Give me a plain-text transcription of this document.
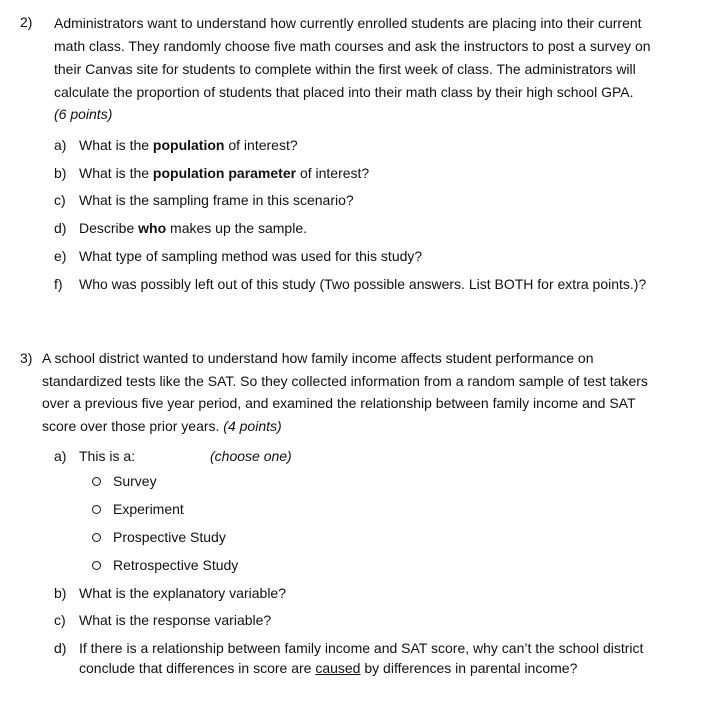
2) Administrators want to understand how currently enrolled students are placing into their current
math class. They randomly choose five math courses and ask the instructors to post a survey on
their Canvas site for students to complete within the first week of class. The administrators will
calculate the proportion of students that placed into their math class by their high school GPA.
(6 points)
a) What is the population of interest?
b) What is the population parameter of interest?
c) What is the sampling frame in this scenario?
d) Describe who makes up the sample.
e) What type of sampling method was used for this study?
f) Who was possibly left out of this study (Two possible answers. List BOTH for extra points.)?
3) A school district wanted to understand how family income affects student performance on
standardized tests like the SAT. So they collected information from a random sample of test takers
over a previous five year period, and examined the relationship between family income and SAT
score over those prior years. (4 points)
a) This is a:	(choose one)
Survey
Experiment
Prospective Study
Retrospective Study
b) What is the explanatory variable?
c) What is the response variable?
d) If there is a relationship between family income and SAT score, why can’t the school district
conclude that differences in score are caused by differences in parental income?
